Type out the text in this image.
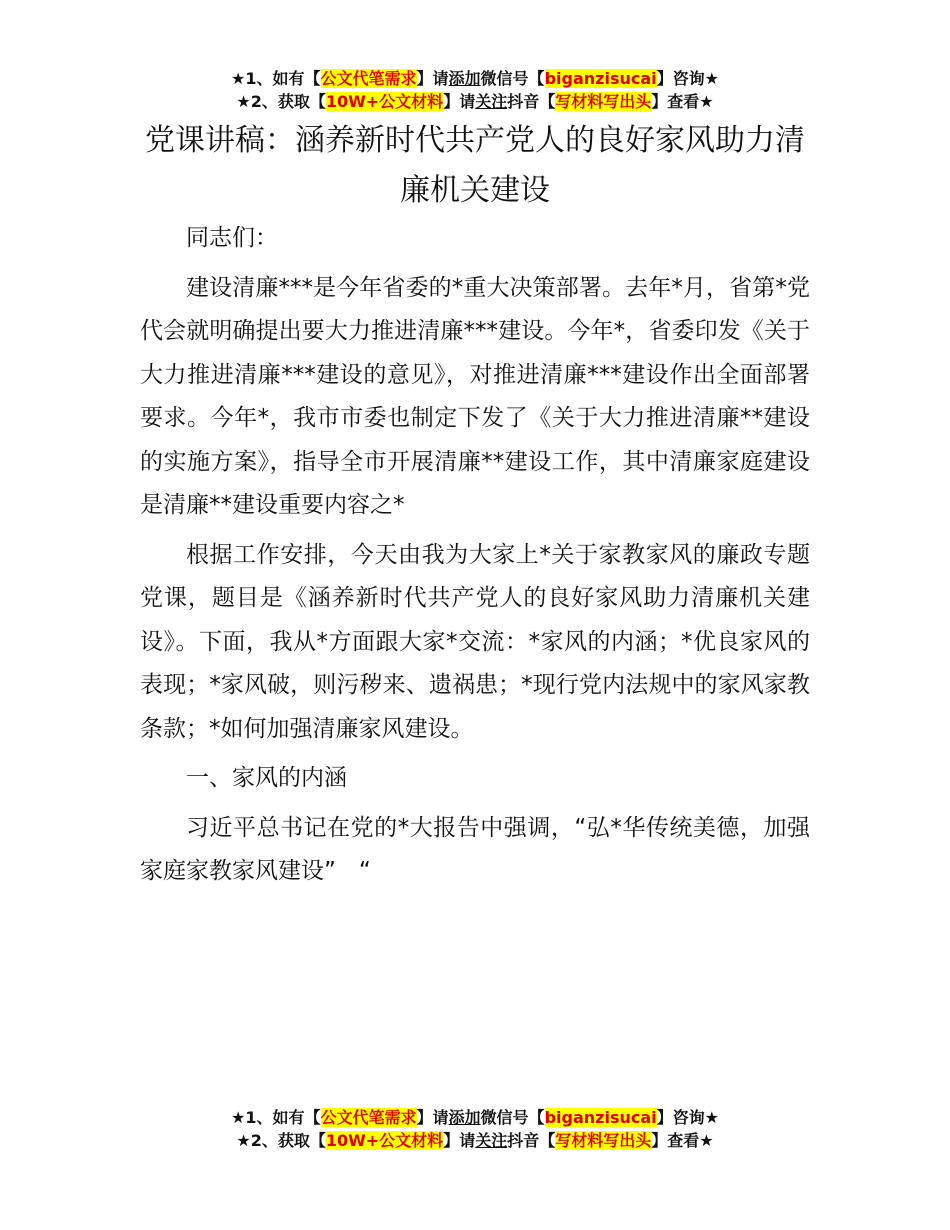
★1、如有【公文代笔需求】请添加微信号【biganzisucai】咨询★
★2、获取【10W+公文材料】请关注抖音【写材料写出头】查看★
党课讲稿：涵养新时代共产党人的良好家风助力清廉机关建设

同志们：

建设清廉***是今年省委的*重大决策部署。去年*月，省第*党代会就明确提出要大力推进清廉***建设。今年*，省委印发《关于大力推进清廉***建设的意见》，对推进清廉***建设作出全面部署要求。今年*，我市市委也制定下发了《关于大力推进清廉**建设的实施方案》，指导全市开展清廉**建设工作，其中清廉家庭建设是清廉**建设重要内容之*

根据工作安排，今天由我为大家上*关于家教家风的廉政专题党课，题目是《涵养新时代共产党人的良好家风助力清廉机关建设》。下面，我从*方面跟大家*交流：*家风的内涵；*优良家风的表现；*家风破，则污秽来、遗祸患；*现行党内法规中的家风家教条款；*如何加强清廉家风建设。

一、家风的内涵

习近平总书记在党的*大报告中强调，“弘*华传统美德，加强家庭家教家风建设”　“

★1、如有【公文代笔需求】请添加微信号【biganzisucai】咨询★
★2、获取【10W+公文材料】请关注抖音【写材料写出头】查看★
